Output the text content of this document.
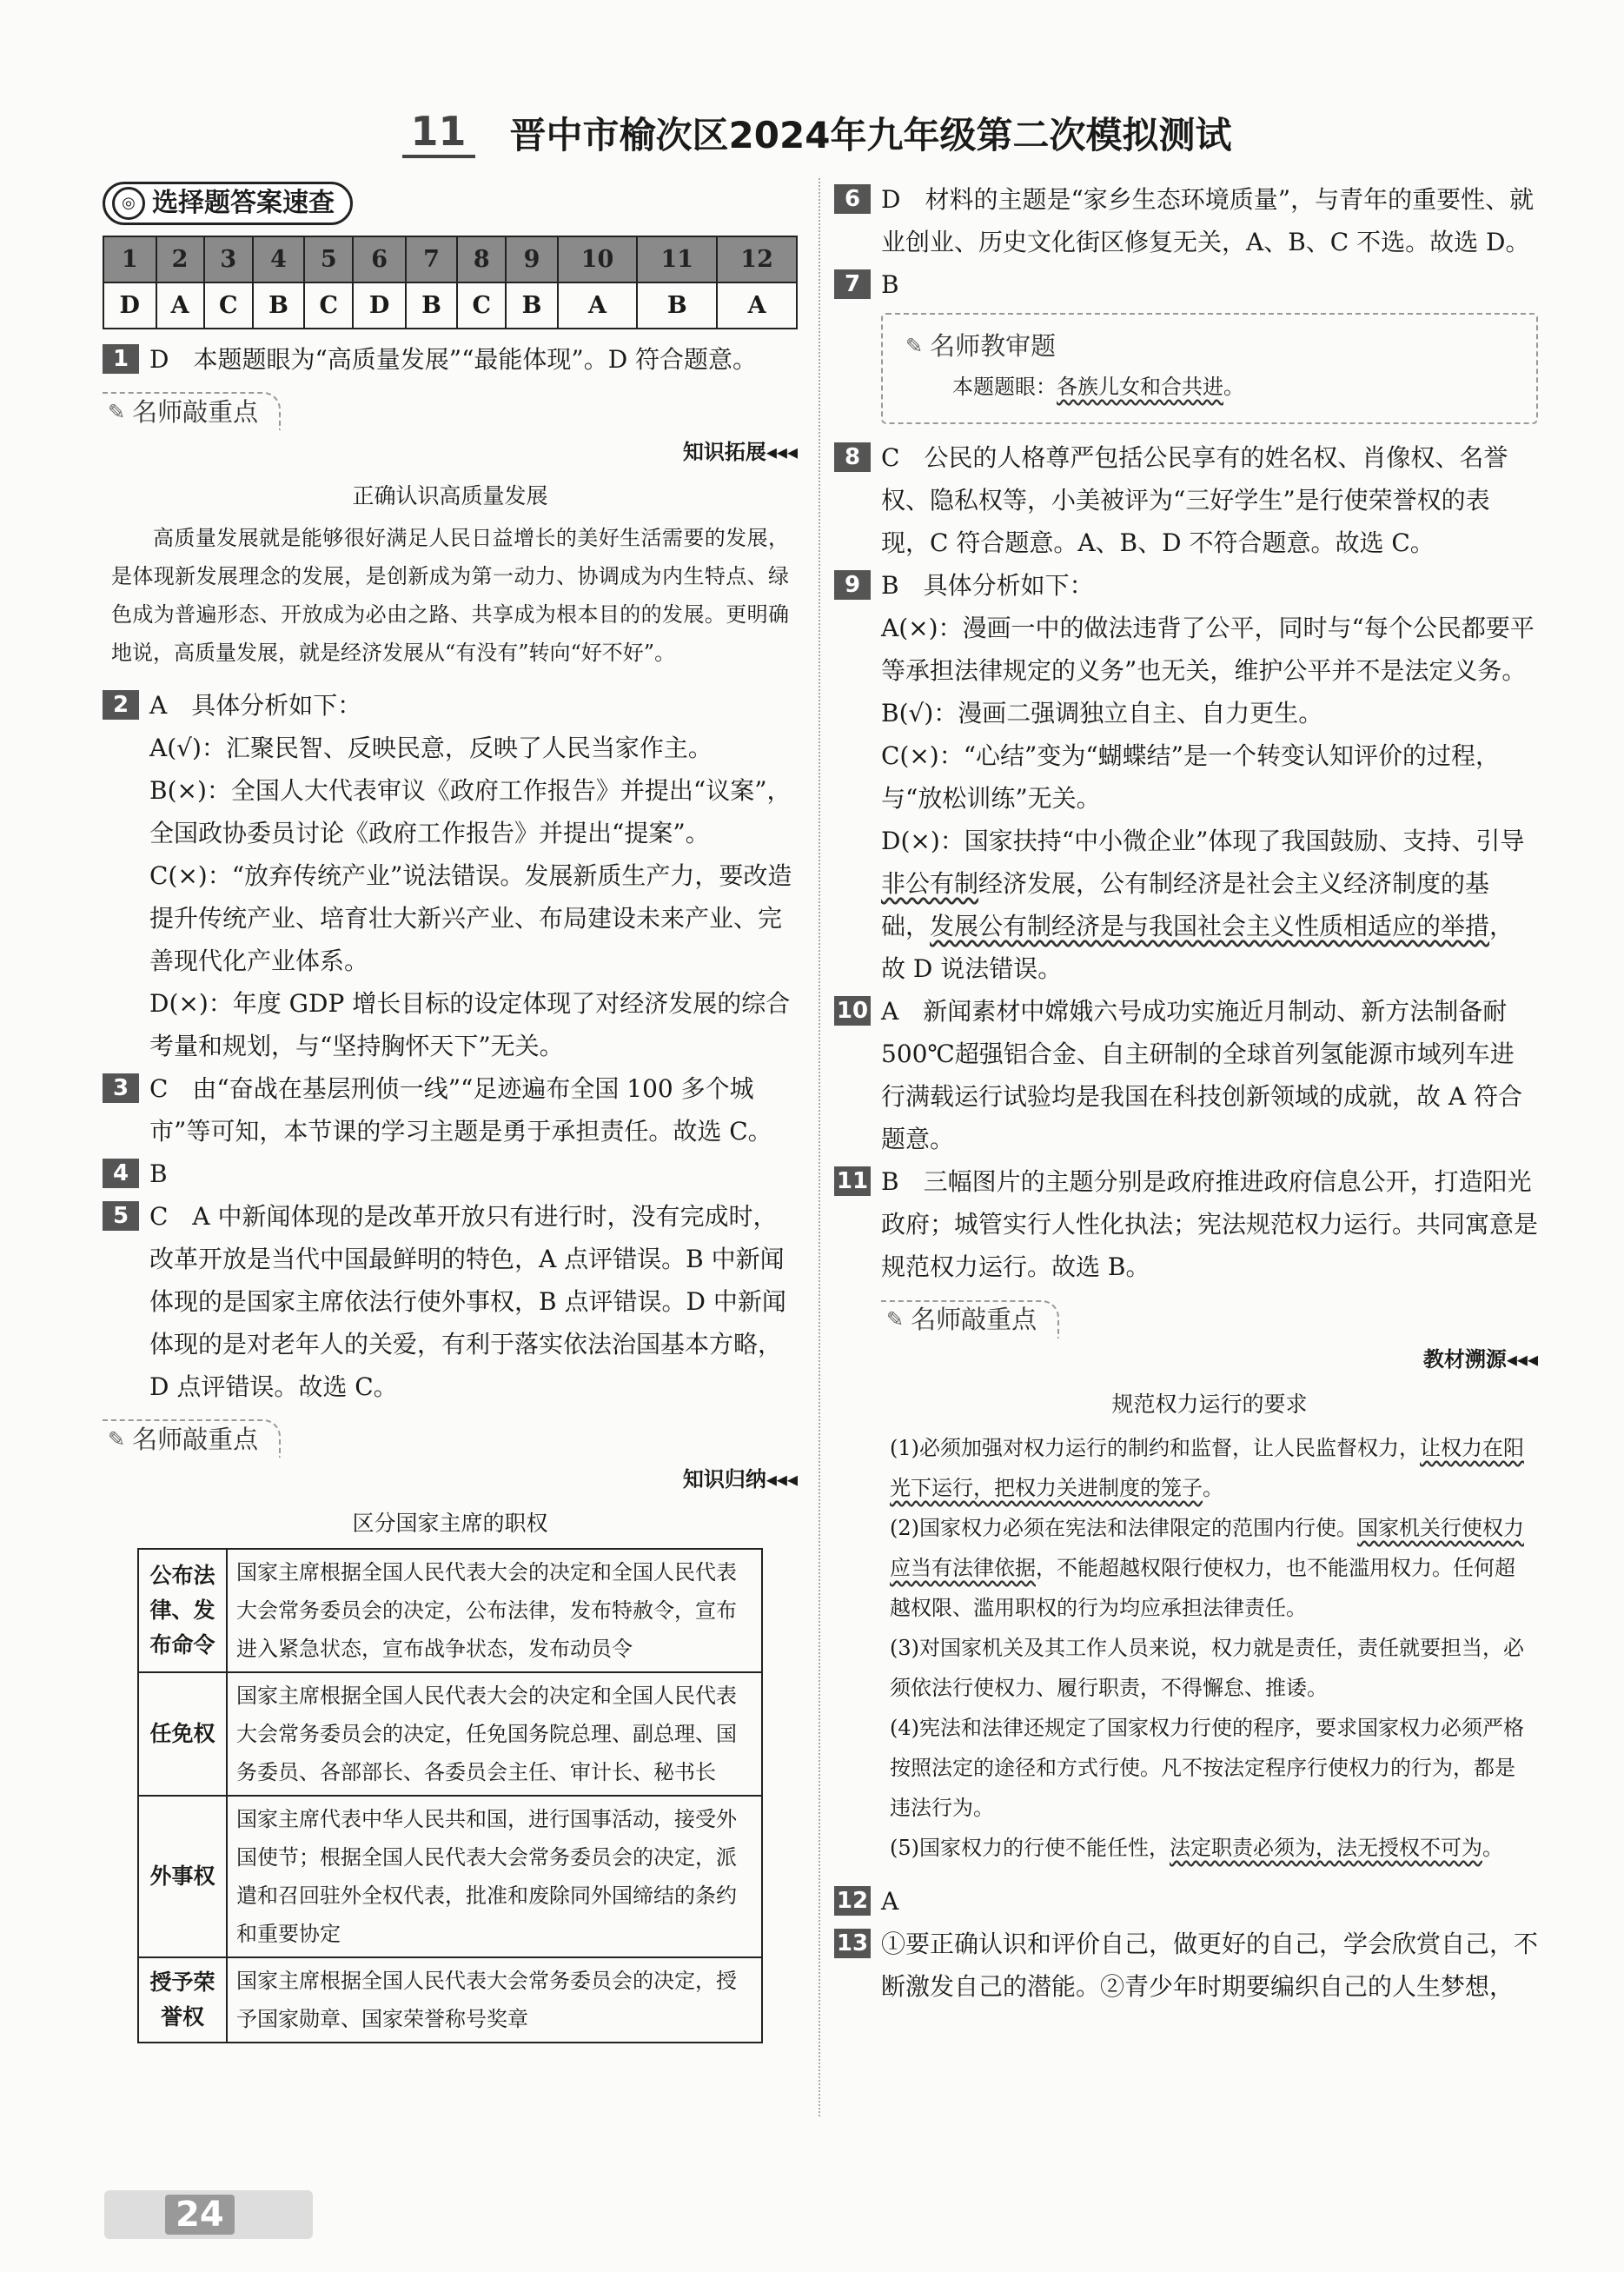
11 晋中市榆次区2024年九年级第二次模拟测试
◎ 选择题答案速查
1	2	3	4	5	6	7	8	9	10	11	12
D	A	C	B	C	D	B	C	B	A	B	A
1 D　本题题眼为“高质量发展”“最能体现”。D 符合题意。
✎ 名师敲重点
知识拓展◂◂◂
正确认识高质量发展
高质量发展就是能够很好满足人民日益增长的美好生活需要的发展，是体现新发展理念的发展，是创新成为第一动力、协调成为内生特点、绿色成为普遍形态、开放成为必由之路、共享成为根本目的的发展。更明确地说，高质量发展，就是经济发展从“有没有”转向“好不好”。
2 A　具体分析如下：
A(√)：汇聚民智、反映民意，反映了人民当家作主。
B(×)：全国人大代表审议《政府工作报告》并提出“议案”，全国政协委员讨论《政府工作报告》并提出“提案”。
C(×)：“放弃传统产业”说法错误。发展新质生产力，要改造提升传统产业、培育壮大新兴产业、布局建设未来产业、完善现代化产业体系。
D(×)：年度 GDP 增长目标的设定体现了对经济发展的综合考量和规划，与“坚持胸怀天下”无关。
3 C　由“奋战在基层刑侦一线”“足迹遍布全国 100 多个城市”等可知，本节课的学习主题是勇于承担责任。故选 C。
4 B
5 C　A 中新闻体现的是改革开放只有进行时，没有完成时，改革开放是当代中国最鲜明的特色，A 点评错误。B 中新闻体现的是国家主席依法行使外事权，B 点评错误。D 中新闻体现的是对老年人的关爱，有利于落实依法治国基本方略，D 点评错误。故选 C。
✎ 名师敲重点
知识归纳◂◂◂
区分国家主席的职权
公布法律、发布命令	国家主席根据全国人民代表大会的决定和全国人民代表大会常务委员会的决定，公布法律，发布特赦令，宣布进入紧急状态，宣布战争状态，发布动员令
任免权	国家主席根据全国人民代表大会的决定和全国人民代表大会常务委员会的决定，任免国务院总理、副总理、国务委员、各部部长、各委员会主任、审计长、秘书长
外事权	国家主席代表中华人民共和国，进行国事活动，接受外国使节；根据全国人民代表大会常务委员会的决定，派遣和召回驻外全权代表，批准和废除同外国缔结的条约和重要协定
授予荣誉权	国家主席根据全国人民代表大会常务委员会的决定，授予国家勋章、国家荣誉称号奖章
6 D　材料的主题是“家乡生态环境质量”，与青年的重要性、就业创业、历史文化街区修复无关，A、B、C 不选。故选 D。
7 B
✎ 名师教审题
本题题眼：各族儿女和合共进。
8 C　公民的人格尊严包括公民享有的姓名权、肖像权、名誉权、隐私权等，小美被评为“三好学生”是行使荣誉权的表现，C 符合题意。A、B、D 不符合题意。故选 C。
9 B　具体分析如下：
A(×)：漫画一中的做法违背了公平，同时与“每个公民都要平等承担法律规定的义务”也无关，维护公平并不是法定义务。
B(√)：漫画二强调独立自主、自力更生。
C(×)：“心结”变为“蝴蝶结”是一个转变认知评价的过程，与“放松训练”无关。
D(×)：国家扶持“中小微企业”体现了我国鼓励、支持、引导非公有制经济发展，公有制经济是社会主义经济制度的基础，发展公有制经济是与我国社会主义性质相适应的举措，故 D 说法错误。
10 A　新闻素材中嫦娥六号成功实施近月制动、新方法制备耐 500℃超强铝合金、自主研制的全球首列氢能源市域列车进行满载运行试验均是我国在科技创新领域的成就，故 A 符合题意。
11 B　三幅图片的主题分别是政府推进政府信息公开，打造阳光政府；城管实行人性化执法；宪法规范权力运行。共同寓意是规范权力运行。故选 B。
✎ 名师敲重点
教材溯源◂◂◂
规范权力运行的要求
(1)必须加强对权力运行的制约和监督，让人民监督权力，让权力在阳光下运行，把权力关进制度的笼子。
(2)国家权力必须在宪法和法律限定的范围内行使。国家机关行使权力应当有法律依据，不能超越权限行使权力，也不能滥用权力。任何超越权限、滥用职权的行为均应承担法律责任。
(3)对国家机关及其工作人员来说，权力就是责任，责任就要担当，必须依法行使权力、履行职责，不得懈怠、推诿。
(4)宪法和法律还规定了国家权力行使的程序，要求国家权力必须严格按照法定的途径和方式行使。凡不按法定程序行使权力的行为，都是违法行为。
(5)国家权力的行使不能任性，法定职责必须为，法无授权不可为。
12 A
13 ①要正确认识和评价自己，做更好的自己，学会欣赏自己，不断激发自己的潜能。②青少年时期要编织自己的人生梦想，
24
